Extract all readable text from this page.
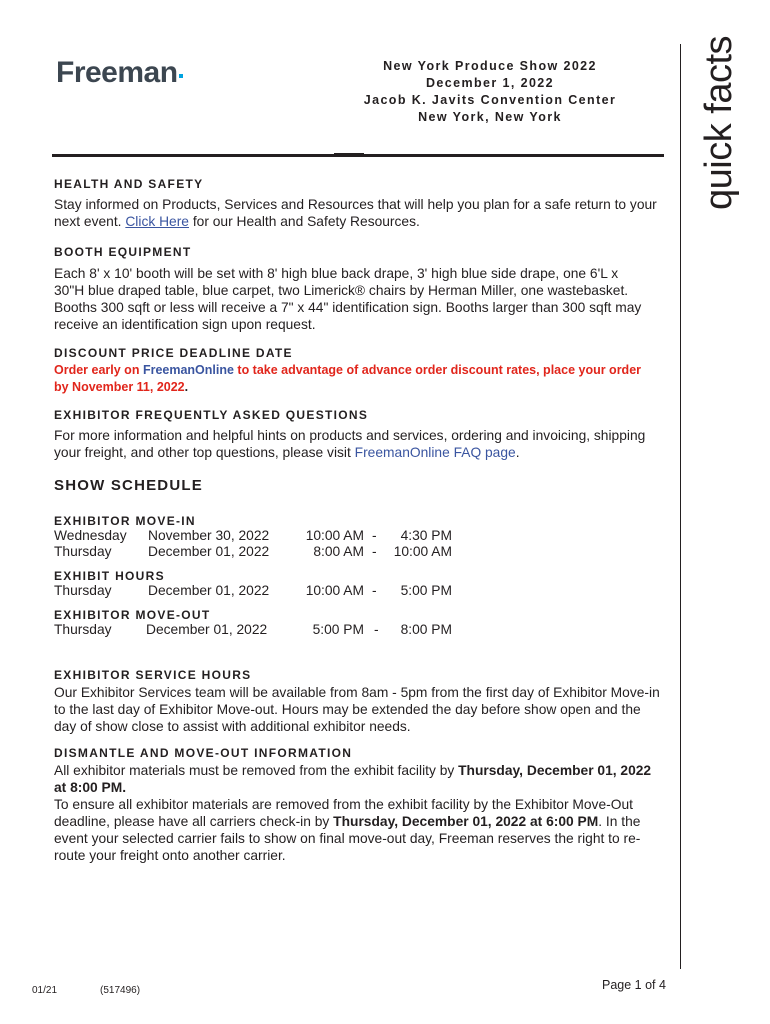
Freeman	New York Produce Show 2022
December 1, 2022
Jacob K. Javits Convention Center
New York, New York	quick facts
HEALTH AND SAFETY
Stay informed on Products, Services and Resources that will help you plan for a safe return to your
next event. Click Here for our Health and Safety Resources.
BOOTH EQUIPMENT
Each 8' x 10' booth will be set with 8' high blue back drape, 3' high blue side drape, one 6'L x
30"H blue draped table, blue carpet, two Limerick® chairs by Herman Miller, one wastebasket.
Booths 300 sqft or less will receive a 7" x 44" identification sign. Booths larger than 300 sqft may
receive an identification sign upon request.
DISCOUNT PRICE DEADLINE DATE
Order early on FreemanOnline to take advantage of advance order discount rates, place your order
by November 11, 2022.
EXHIBITOR FREQUENTLY ASKED QUESTIONS
For more information and helpful hints on products and services, ordering and invoicing, shipping
your freight, and other top questions, please visit FreemanOnline FAQ page.
SHOW SCHEDULE
EXHIBITOR MOVE-IN
Wednesday November 30, 2022	10:00 AM -	4:30 PM
Thursday	December 01, 2022	8:00 AM -	10:00 AM
EXHIBIT HOURS
Thursday	December 01, 2022	10:00 AM -	5:00 PM
EXHIBITOR MOVE-OUT
Thursday December 01, 2022	5:00 PM -	8:00 PM
EXHIBITOR SERVICE HOURS
Our Exhibitor Services team will be available from 8am - 5pm from the first day of Exhibitor Move-in
to the last day of Exhibitor Move-out. Hours may be extended the day before show open and the
day of show close to assist with additional exhibitor needs.
DISMANTLE AND MOVE-OUT INFORMATION
All exhibitor materials must be removed from the exhibit facility by Thursday, December 01, 2022
at 8:00 PM.
To ensure all exhibitor materials are removed from the exhibit facility by the Exhibitor Move-Out
deadline, please have all carriers check-in by Thursday, December 01, 2022 at 6:00 PM. In the
event your selected carrier fails to show on final move-out day, Freeman reserves the right to re-
route your freight onto another carrier.
01/21	(517496)	Page 1 of 4
